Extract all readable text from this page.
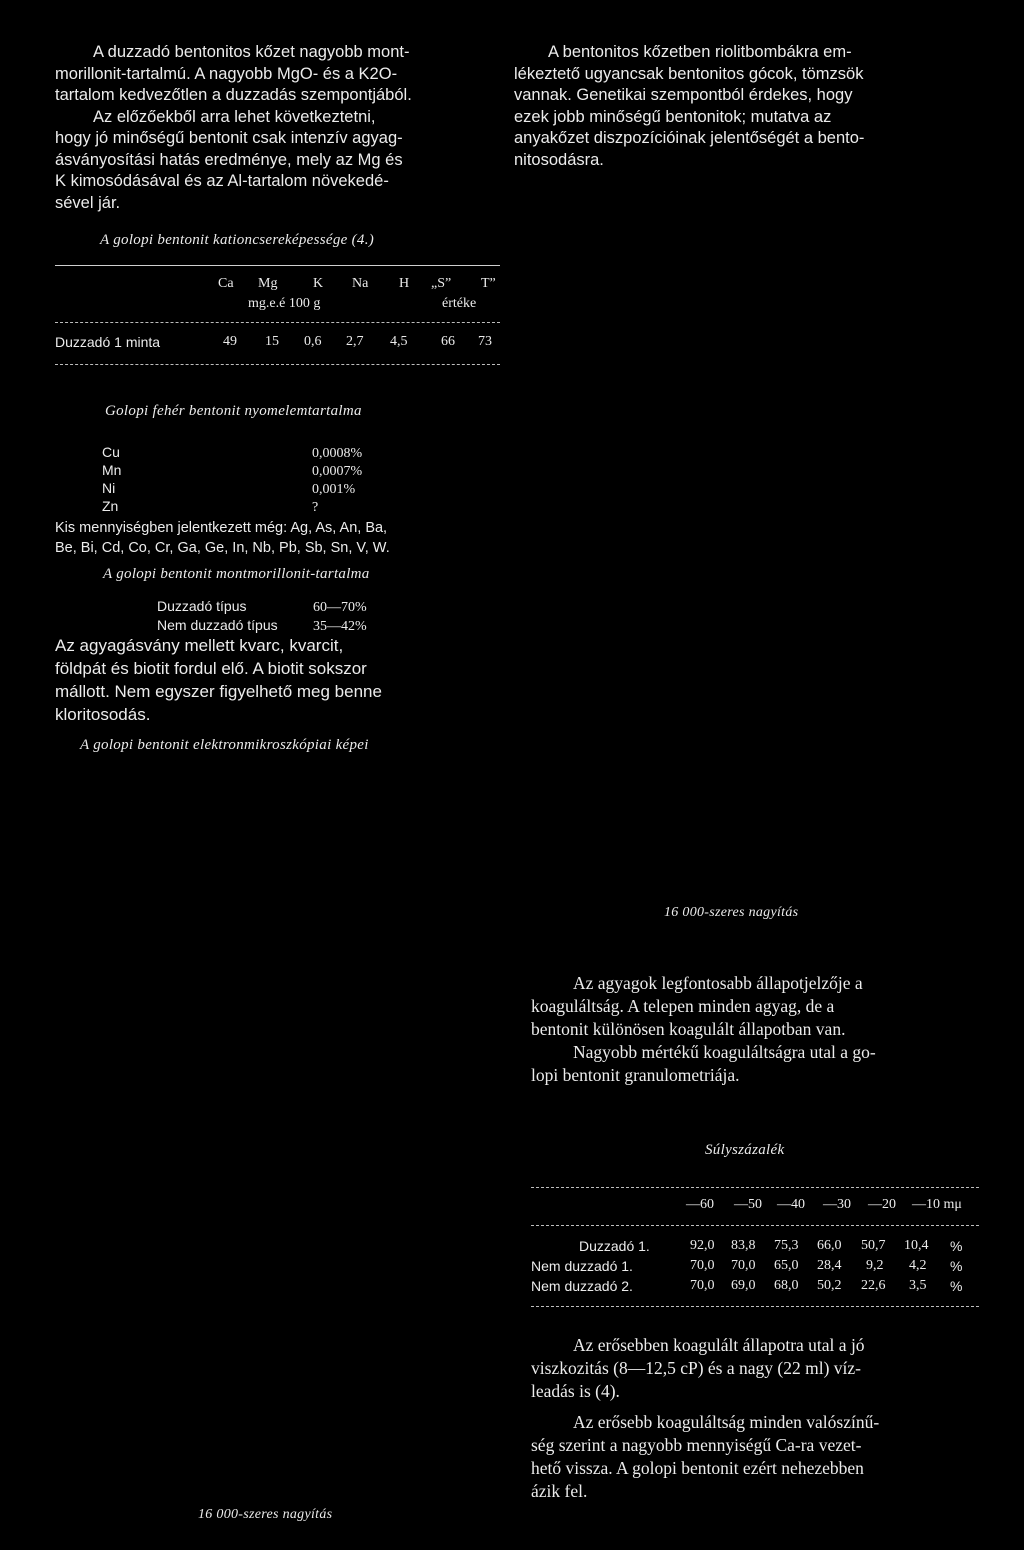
A duzzadó bentonitos kőzet nagyobb mont-
morillonit-tartalmú. A nagyobb MgO- és a K2O-
tartalom kedvezőtlen a duzzadás szempontjából.
Az előzőekből arra lehet következtetni,
hogy jó minőségű bentonit csak intenzív agyag-
ásványosítási hatás eredménye, mely az Mg és
K kimosódásával és az Al-tartalom növekedé-
sével jár.
A golopi bentonit kationcsereképessége (4.)
Ca Mg	K Na H „S” T”
mg.e.é 100 g	értéke
Duzzadó 1 minta	49 15 0,6 2,7 4,5 66 73
Golopi fehér bentonit nyomelemtartalma
Cu	0,0008%
Mn	0,0007%
Ni	0,001%
Zn	?
Kis mennyiségben jelentkezett még: Ag, As, An, Ba,
Be, Bi, Cd, Co, Cr, Ga, Ge, In, Nb, Pb, Sb, Sn, V, W.
A golopi bentonit montmorillonit-tartalma
Duzzadó típus	60—70%
Nem duzzadó típus	35—42%
Az agyagásvány mellett kvarc, kvarcit,
földpát és biotit fordul elő. A biotit sokszor
mállott. Nem egyszer figyelhető meg benne
kloritosodás.
A golopi bentonit elektronmikroszkópiai képei
16 000-szeres nagyítás
A bentonitos kőzetben riolitbombákra em-
lékeztető ugyancsak bentonitos gócok, tömzsök
vannak. Genetikai szempontból érdekes, hogy
ezek jobb minőségű bentonitok; mutatva az
anyakőzet diszpozícióinak jelentőségét a bento-
nitosodásra.
16 000-szeres nagyítás
Az agyagok legfontosabb állapotjelzője a
koaguláltság. A telepen minden agyag, de a
bentonit különösen koagulált állapotban van.
Nagyobb mértékű koaguláltságra utal a go-
lopi bentonit granulometriája.
Súlyszázalék
—60 —50 —40 —30 —20 —10 mμ
Duzzadó 1.	92,0 83,8 75,3 66,0 50,7 10,4 %
Nem duzzadó 1.	70,0 70,0 65,0 28,4 9,2 4,2 %
Nem duzzadó 2.	70,0 69,0 68,0 50,2 22,6 3,5 %
Az erősebben koagulált állapotra utal a jó
viszkozitás (8—12,5 cP) és a nagy (22 ml) víz-
leadás is (4).
Az erősebb koaguláltság minden valószínű-
ség szerint a nagyobb mennyiségű Ca-ra vezet-
hető vissza. A golopi bentonit ezért nehezebben
ázik fel.
